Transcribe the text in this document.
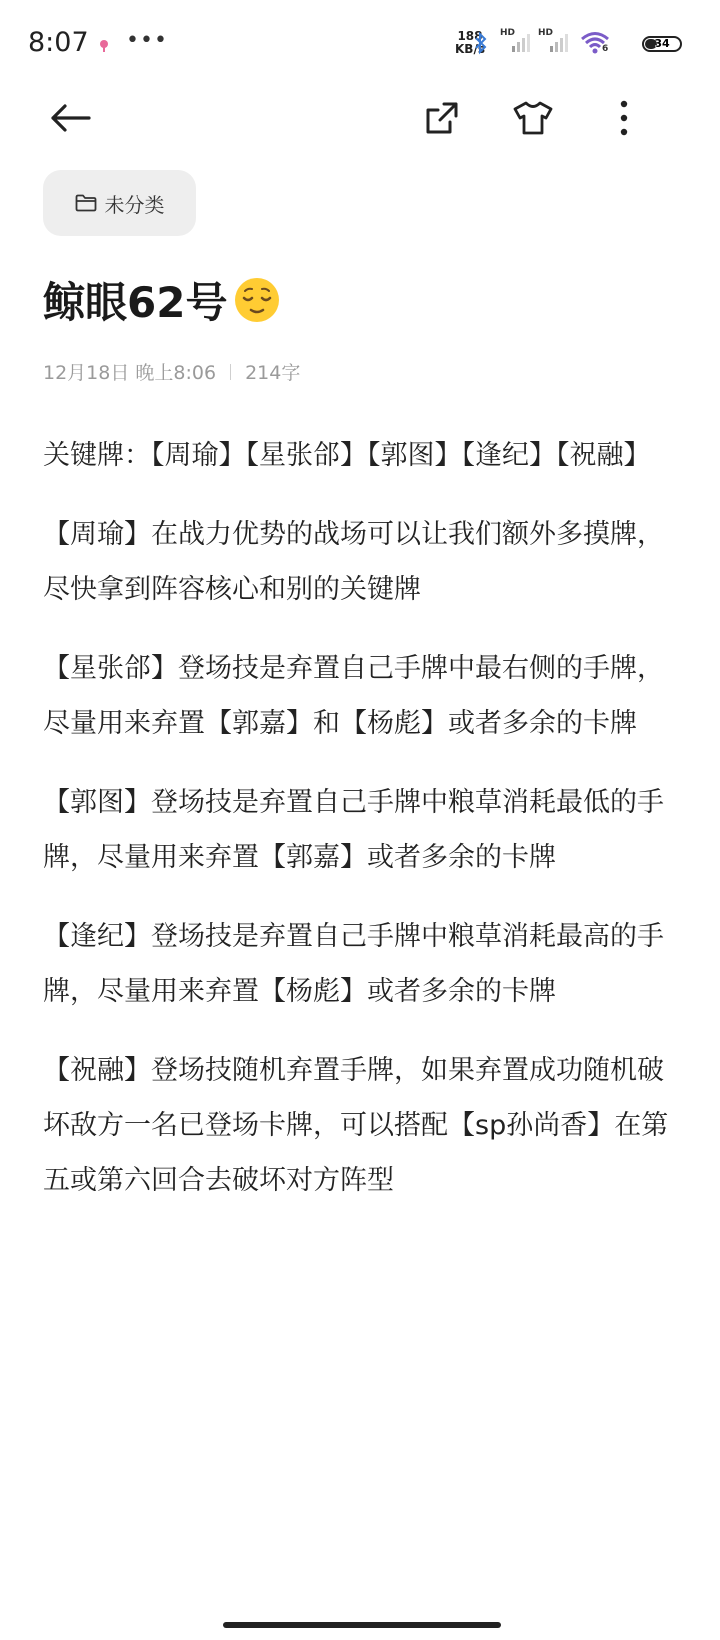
8:07 •••	188
KB/s
HD	HD
6	34
未分类
鲸眼62号
12月18日 晚上8:06 214字

关键牌：【周瑜】【星张郃】【郭图】【逢纪】【祝融】

【周瑜】在战力优势的战场可以让我们额外多摸牌，尽快拿到阵容核心和别的关键牌

【星张郃】登场技是弃置自己手牌中最右侧的手牌，尽量用来弃置【郭嘉】和【杨彪】或者多余的卡牌

【郭图】登场技是弃置自己手牌中粮草消耗最低的手牌，尽量用来弃置【郭嘉】或者多余的卡牌

【逢纪】登场技是弃置自己手牌中粮草消耗最高的手牌，尽量用来弃置【杨彪】或者多余的卡牌

【祝融】登场技随机弃置手牌，如果弃置成功随机破坏敌方一名已登场卡牌，可以搭配【sp孙尚香】在第五或第六回合去破坏对方阵型
